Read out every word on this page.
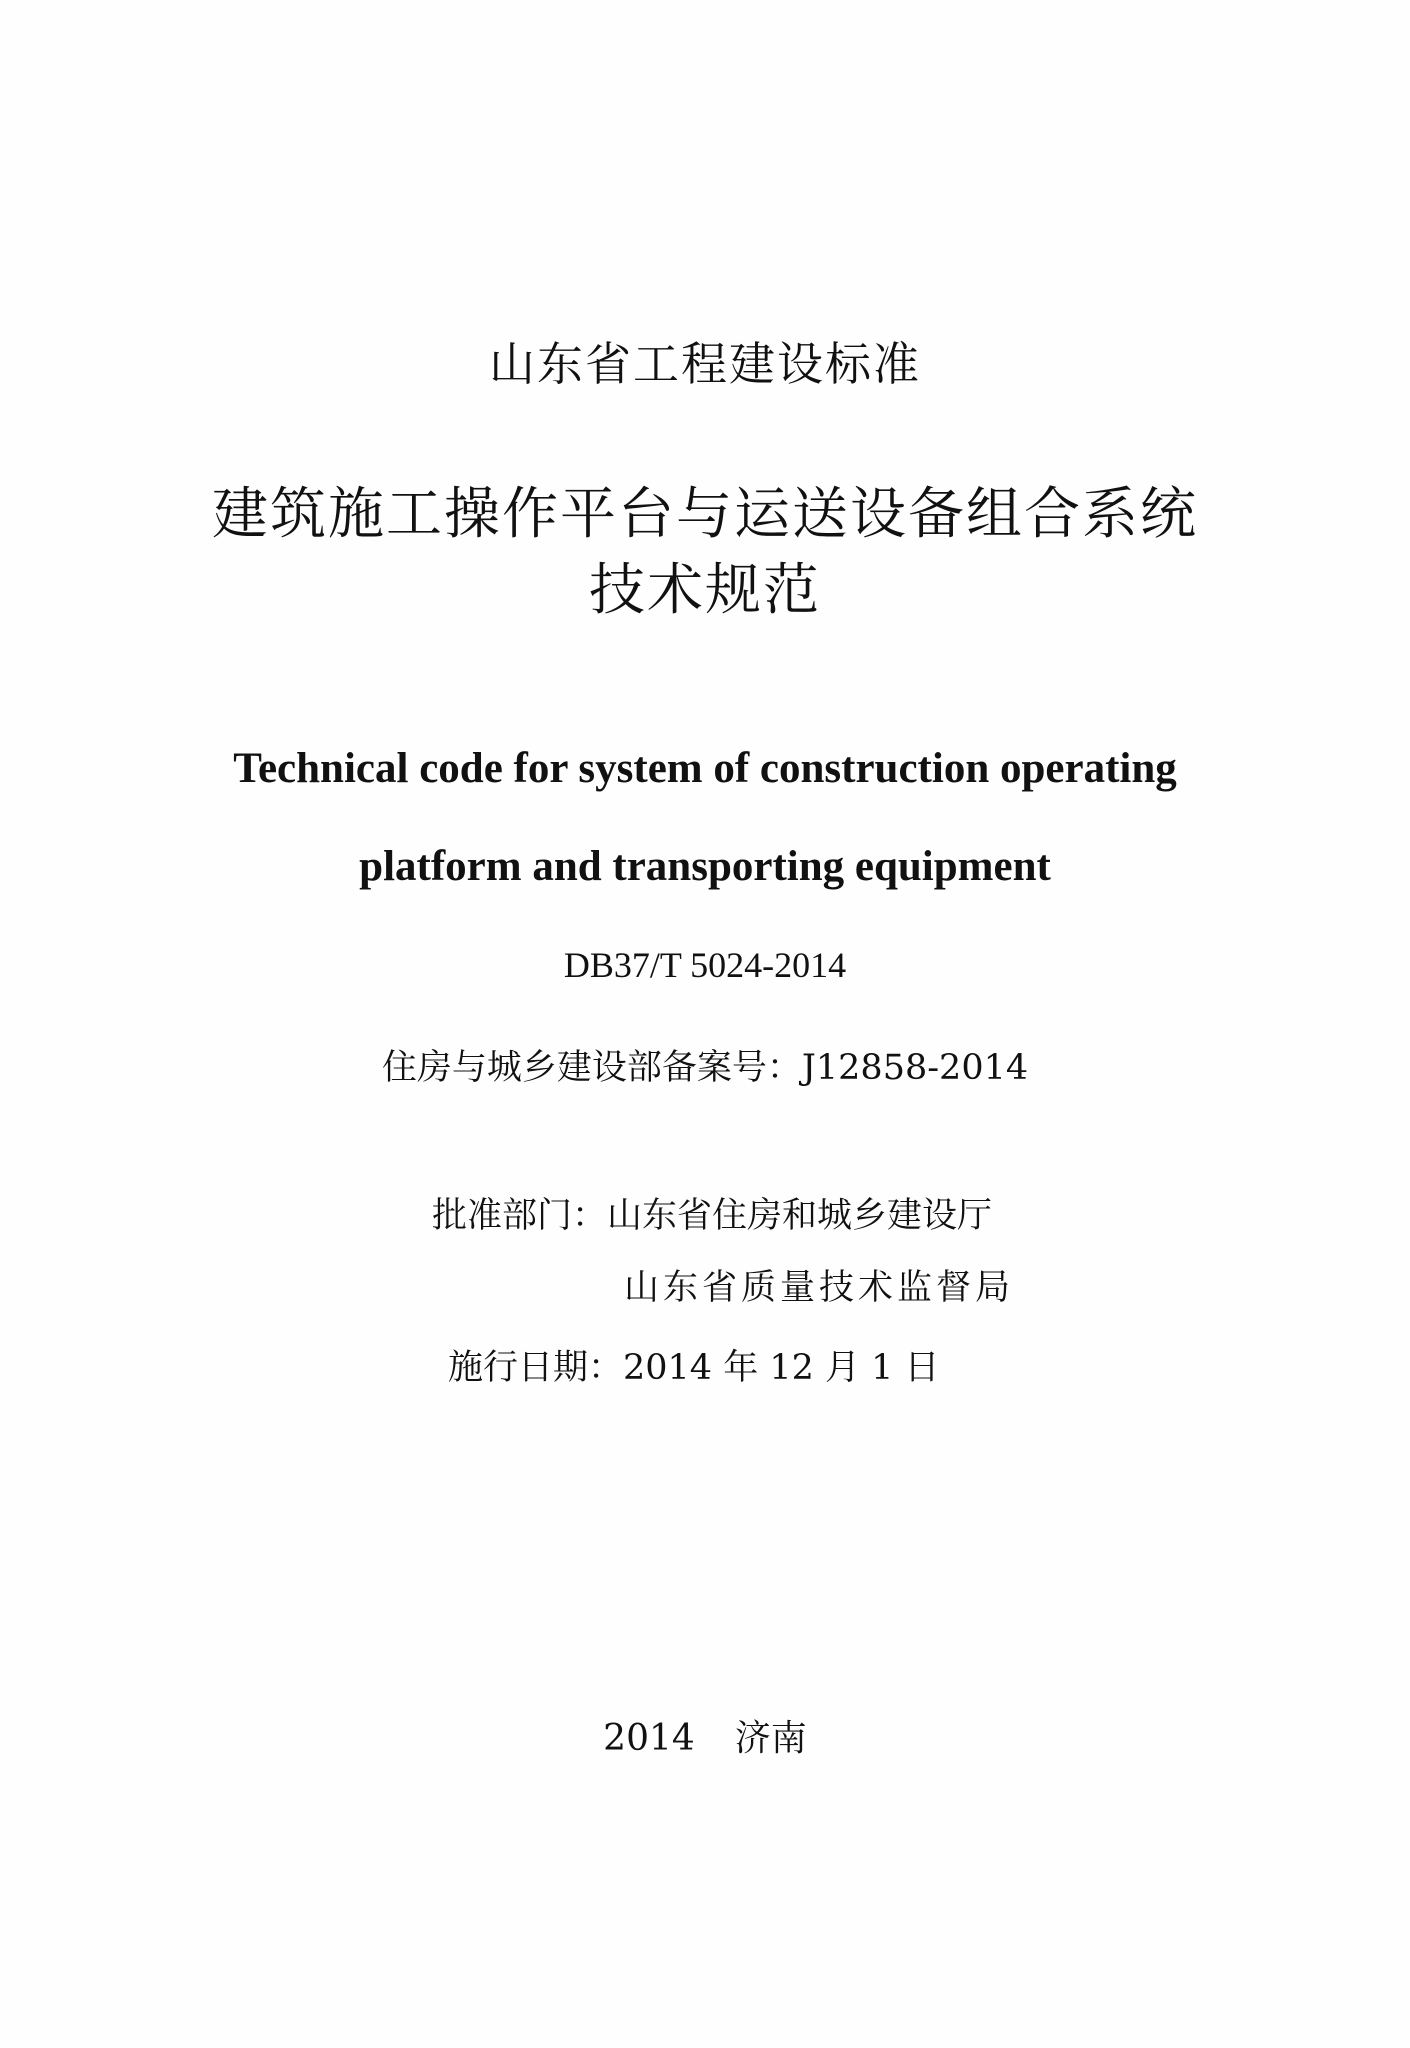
山东省工程建设标准
建筑施工操作平台与运送设备组合系统
技术规范
Technical code for system of construction operating
platform and transporting equipment
DB37/T 5024-2014
住房与城乡建设部备案号：J12858-2014
批准部门：山东省住房和城乡建设厅
山东省质量技术监督局
施行日期：2014 年 12 月 1 日
2014 济南
